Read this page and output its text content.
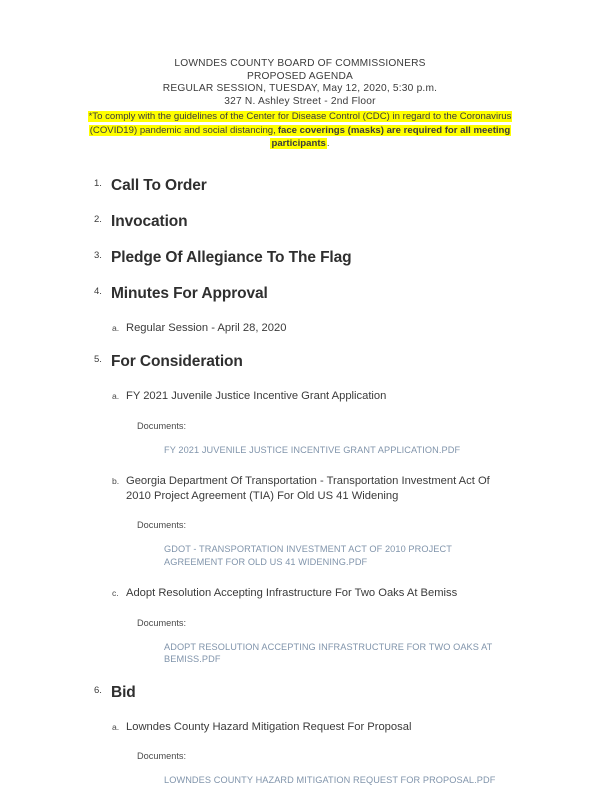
LOWNDES COUNTY BOARD OF COMMISSIONERS
PROPOSED AGENDA
REGULAR SESSION, TUESDAY, May 12, 2020, 5:30 p.m.
327 N. Ashley Street - 2nd Floor
*To comply with the guidelines of the Center for Disease Control (CDC) in regard to the Coronavirus (COVID19) pandemic and social distancing, face coverings (masks) are required for all meeting participants.
1. Call To Order
2. Invocation
3. Pledge Of Allegiance To The Flag
4. Minutes For Approval
a. Regular Session - April 28, 2020
5. For Consideration
a. FY 2021 Juvenile Justice Incentive Grant Application
Documents:
FY 2021 JUVENILE JUSTICE INCENTIVE GRANT APPLICATION.PDF
b. Georgia Department Of Transportation - Transportation Investment Act Of 2010 Project Agreement (TIA) For Old US 41 Widening
Documents:
GDOT - TRANSPORTATION INVESTMENT ACT OF 2010 PROJECT AGREEMENT FOR OLD US 41 WIDENING.PDF
c. Adopt Resolution Accepting Infrastructure For Two Oaks At Bemiss
Documents:
ADOPT RESOLUTION ACCEPTING INFRASTRUCTURE FOR TWO OAKS AT BEMISS.PDF
6. Bid
a. Lowndes County Hazard Mitigation Request For Proposal
Documents:
LOWNDES COUNTY HAZARD MITIGATION REQUEST FOR PROPOSAL.PDF
